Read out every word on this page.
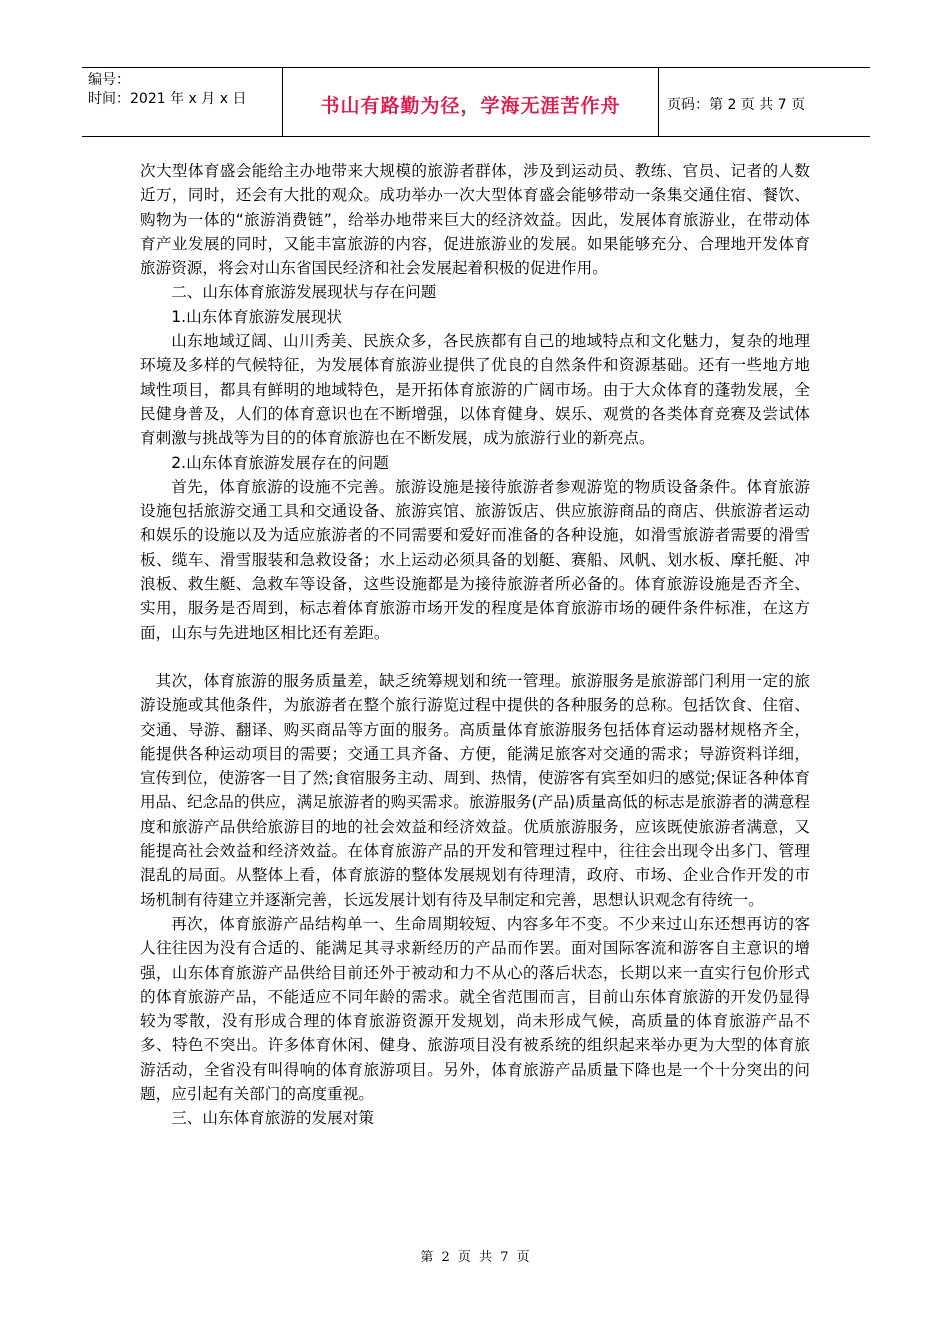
编号：
时间：2021 年 x 月 x 日	书山有路勤为径，学海无涯苦作舟	页码：第 2 页 共 7 页

次大型体育盛会能给主办地带来大规模的旅游者群体，涉及到运动员、教练、官员、记者的人数近万，同时，还会有大批的观众。成功举办一次大型体育盛会能够带动一条集交通住宿、餐饮、购物为一体的“旅游消费链”，给举办地带来巨大的经济效益。因此，发展体育旅游业，在带动体育产业发展的同时，又能丰富旅游的内容，促进旅游业的发展。如果能够充分、合理地开发体育旅游资源，将会对山东省国民经济和社会发展起着积极的促进作用。

二、山东体育旅游发展现状与存在问题

1.山东体育旅游发展现状

山东地域辽阔、山川秀美、民族众多，各民族都有自己的地域特点和文化魅力，复杂的地理环境及多样的气候特征，为发展体育旅游业提供了优良的自然条件和资源基础。还有一些地方地域性项目，都具有鲜明的地域特色，是开拓体育旅游的广阔市场。由于大众体育的蓬勃发展，全民健身普及，人们的体育意识也在不断增强，以体育健身、娱乐、观赏的各类体育竞赛及尝试体育刺激与挑战等为目的的体育旅游也在不断发展，成为旅游行业的新亮点。

2.山东体育旅游发展存在的问题

首先，体育旅游的设施不完善。旅游设施是接待旅游者参观游览的物质设备条件。体育旅游设施包括旅游交通工具和交通设备、旅游宾馆、旅游饭店、供应旅游商品的商店、供旅游者运动和娱乐的设施以及为适应旅游者的不同需要和爱好而准备的各种设施，如滑雪旅游者需要的滑雪板、缆车、滑雪服装和急救设备；水上运动必须具备的划艇、赛船、风帆、划水板、摩托艇、冲浪板、救生艇、急救车等设备，这些设施都是为接待旅游者所必备的。体育旅游设施是否齐全、实用，服务是否周到，标志着体育旅游市场开发的程度是体育旅游市场的硬件条件标准，在这方面，山东与先进地区相比还有差距。

其次，体育旅游的服务质量差，缺乏统筹规划和统一管理。旅游服务是旅游部门利用一定的旅游设施或其他条件，为旅游者在整个旅行游览过程中提供的各种服务的总称。包括饮食、住宿、交通、导游、翻译、购买商品等方面的服务。高质量体育旅游服务包括体育运动器材规格齐全，能提供各种运动项目的需要；交通工具齐备、方便，能满足旅客对交通的需求；导游资料详细，宣传到位，使游客一目了然;食宿服务主动、周到、热情，使游客有宾至如归的感觉;保证各种体育用品、纪念品的供应，满足旅游者的购买需求。旅游服务(产品)质量高低的标志是旅游者的满意程度和旅游产品供给旅游目的地的社会效益和经济效益。优质旅游服务，应该既使旅游者满意，又能提高社会效益和经济效益。在体育旅游产品的开发和管理过程中，往往会出现令出多门、管理混乱的局面。从整体上看，体育旅游的整体发展规划有待理清，政府、市场、企业合作开发的市场机制有待建立并逐渐完善，长远发展计划有待及早制定和完善，思想认识观念有待统一。

再次，体育旅游产品结构单一、生命周期较短、内容多年不变。不少来过山东还想再访的客人往往因为没有合适的、能满足其寻求新经历的产品而作罢。面对国际客流和游客自主意识的增强，山东体育旅游产品供给目前还外于被动和力不从心的落后状态，长期以来一直实行包价形式的体育旅游产品，不能适应不同年龄的需求。就全省范围而言，目前山东体育旅游的开发仍显得较为零散，没有形成合理的体育旅游资源开发规划，尚未形成气候，高质量的体育旅游产品不多、特色不突出。许多体育休闲、健身、旅游项目没有被系统的组织起来举办更为大型的体育旅游活动，全省没有叫得响的体育旅游项目。另外，体育旅游产品质量下降也是一个十分突出的问题，应引起有关部门的高度重视。

三、山东体育旅游的发展对策

第 2 页 共 7 页
